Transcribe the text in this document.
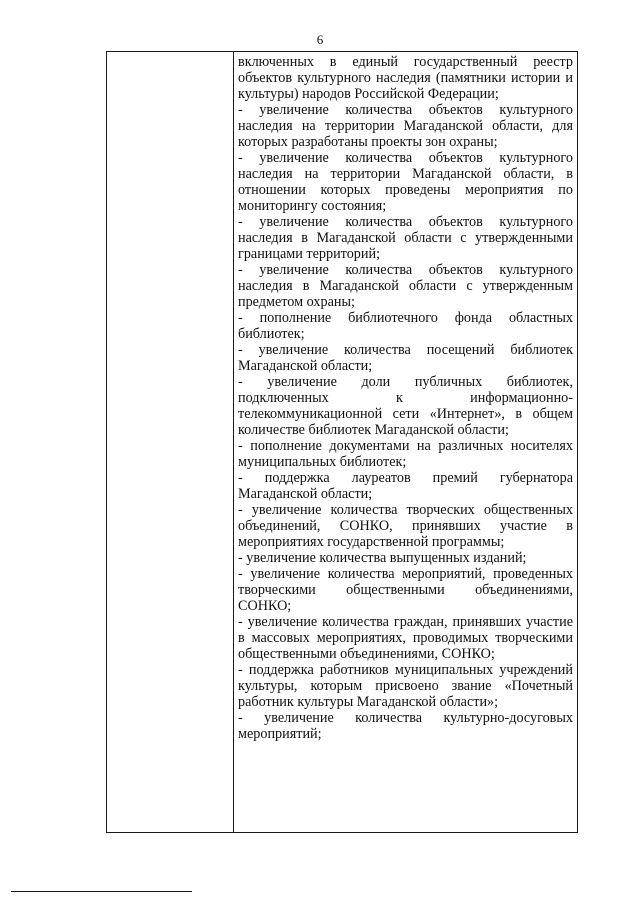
6

включенных в единый государственный реестр объектов культурного наследия (памятники истории и культуры) народов Российской Федерации;

- увеличение количества объектов культурного наследия на территории Магаданской области, для которых разработаны проекты зон охраны;

- увеличение количества объектов культурного наследия на территории Магаданской области, в отношении которых проведены мероприятия по мониторингу состояния;

- увеличение количества объектов культурного наследия в Магаданской области с утвержденными границами территорий;

- увеличение количества объектов культурного наследия в Магаданской области с утвержденным предметом охраны;

- пополнение библиотечного фонда областных библиотек;

- увеличение количества посещений библиотек Магаданской области;

- увеличение доли публичных библиотек, подключенных к информационно-телекоммуникационной сети «Интернет», в общем количестве библиотек Магаданской области;

- пополнение документами на различных носителях муниципальных библиотек;

- поддержка лауреатов премий губернатора Магаданской области;

- увеличение количества творческих общественных объединений, СОНКО, принявших участие в мероприятиях государственной программы;

- увеличение количества выпущенных изданий;

- увеличение количества мероприятий, проведенных творческими общественными объединениями, СОНКО;

- увеличение количества граждан, принявших участие в массовых мероприятиях, проводимых творческими общественными объединениями, СОНКО;

- поддержка работников муниципальных учреждений культуры, которым присвоено звание «Почетный работник культуры Магаданской области»;

- увеличение количества культурно-досуговых мероприятий;
